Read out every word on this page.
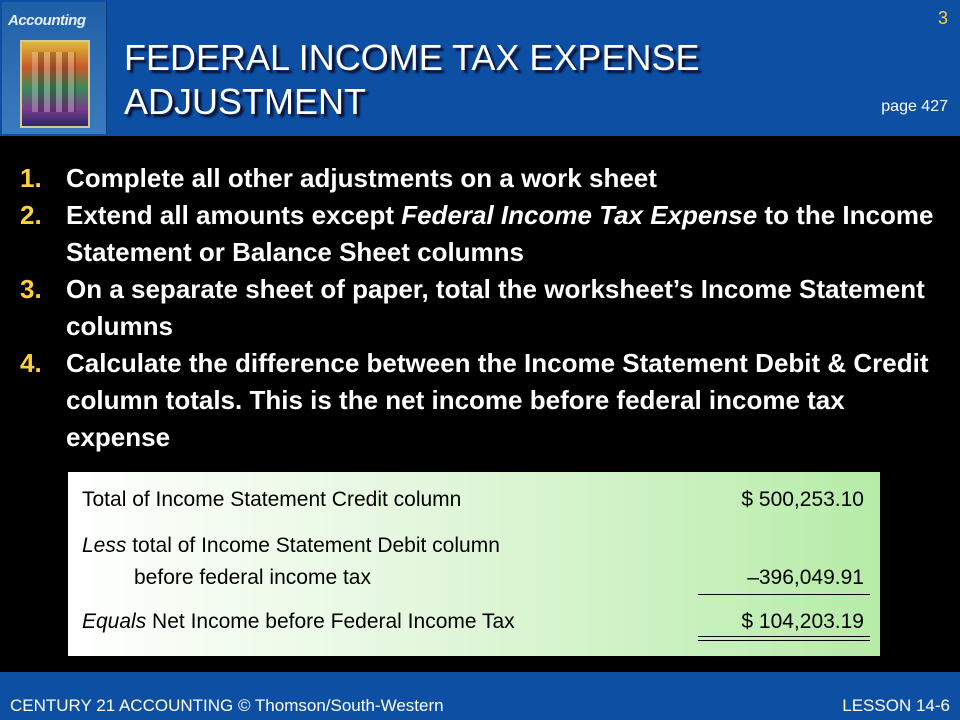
Accounting
FEDERAL INCOME TAX EXPENSE
ADJUSTMENT
3
page 427
1. Complete all other adjustments on a work sheet
2. Extend all amounts except Federal Income Tax Expense to the Income Statement or Balance Sheet columns
3. On a separate sheet of paper, total the worksheet’s Income Statement columns
4. Calculate the difference between the Income Statement Debit & Credit column totals. This is the net income before federal income tax expense
Total of Income Statement Credit column	$ 500,253.10
Less total of Income Statement Debit column
before federal income tax	–396,049.91
Equals Net Income before Federal Income Tax	$ 104,203.19
CENTURY 21 ACCOUNTING © Thomson/South-Western	LESSON 14-6
